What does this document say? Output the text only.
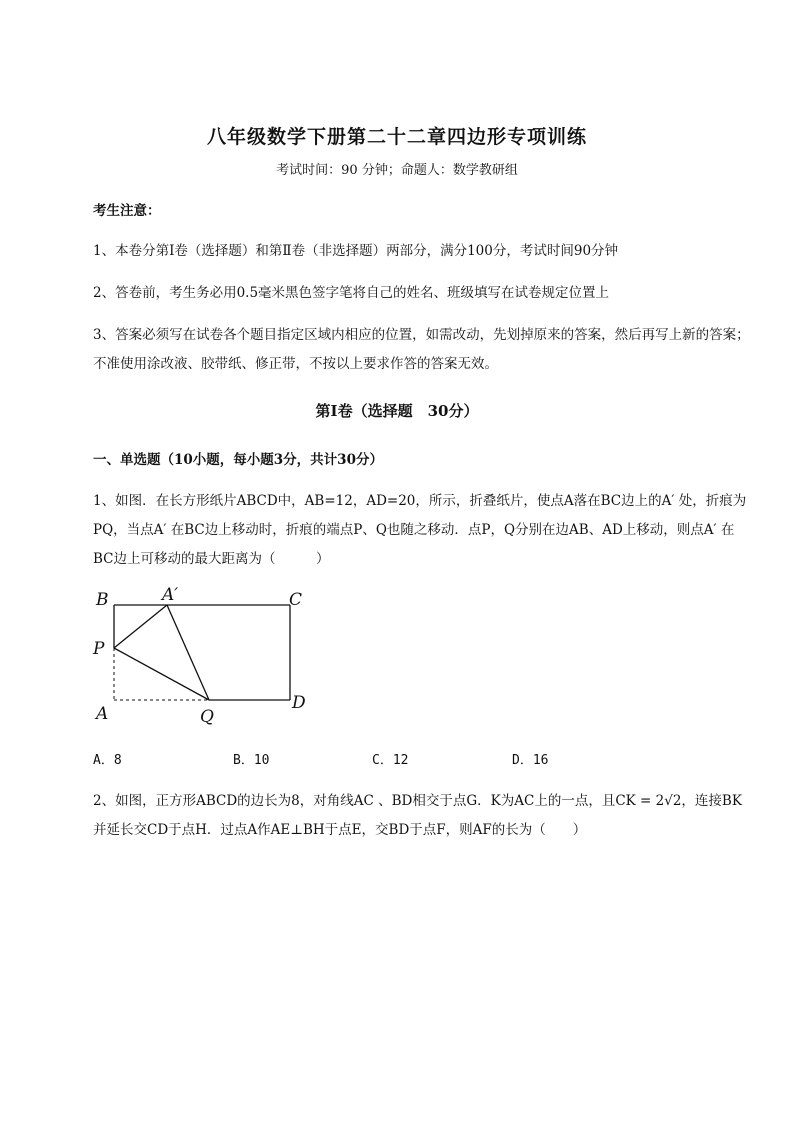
八年级数学下册第二十二章四边形专项训练
考试时间：90 分钟；命题人：数学教研组
考生注意：
1、本卷分第Ⅰ卷（选择题）和第Ⅱ卷（非选择题）两部分，满分100分，考试时间90分钟
2、答卷前，考生务必用0.5毫米黑色签字笔将自己的姓名、班级填写在试卷规定位置上
3、答案必须写在试卷各个题目指定区域内相应的位置，如需改动，先划掉原来的答案，然后再写上新的答案；不准使用涂改液、胶带纸、修正带，不按以上要求作答的答案无效。
第Ⅰ卷（选择题　30分）
一、单选题（10小题，每小题3分，共计30分）
1、如图．在长方形纸片ABCD中，AB=12，AD=20，所示，折叠纸片，使点A落在BC边上的A′ 处，折痕为PQ，当点A′ 在BC边上移动时，折痕的端点P、Q也随之移动．点P，Q分别在边AB、AD上移动，则点A′ 在BC边上可移动的最大距离为（　　　）
B	A′	C
P
A	Q
D
A．8	B．10	C．12	D．16
2、如图，正方形ABCD的边长为8，对角线AC 、BD相交于点G．K为AC上的一点，且CK = 2√2，连接BK并延长交CD于点H．过点A作AE⊥BH于点E，交BD于点F，则AF的长为（　　）
